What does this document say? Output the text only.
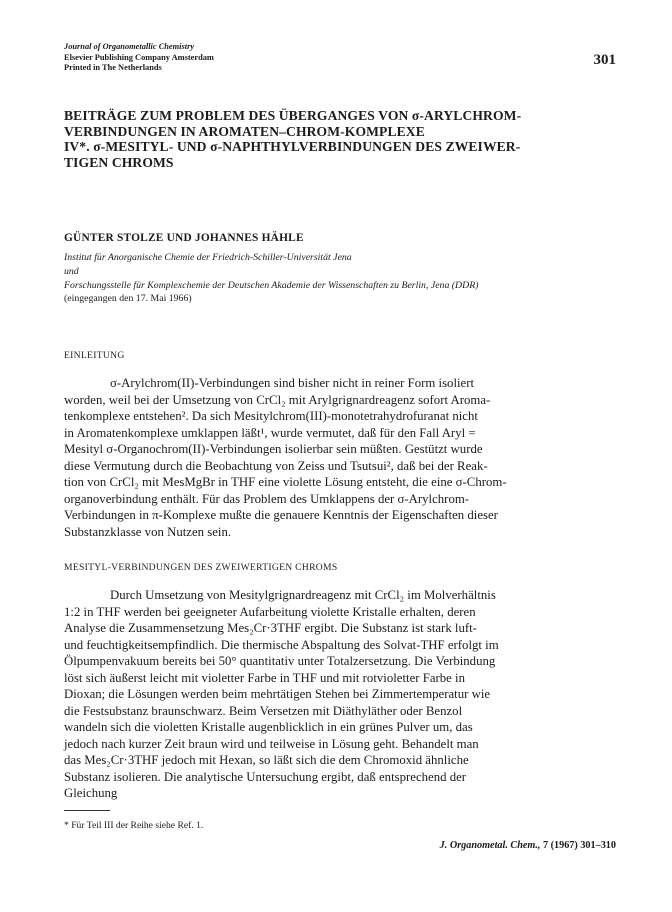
Journal of Organometallic Chemistry
Elsevier Publishing Company Amsterdam
Printed in The Netherlands	301
BEITRÄGE ZUM PROBLEM DES ÜBERGANGES VON σ-ARYLCHROM-
VERBINDUNGEN IN AROMATEN–CHROM-KOMPLEXE
IV*. σ-MESITYL- UND σ-NAPHTHYLVERBINDUNGEN DES ZWEIWER-
TIGEN CHROMS
GÜNTER STOLZE UND JOHANNES HÄHLE
Institut für Anorganische Chemie der Friedrich-Schiller-Universität Jena
und
Forschungsstelle für Komplexchemie der Deutschen Akademie der Wissenschaften zu Berlin, Jena (DDR)
(eingegangen den 17. Mai 1966)
EINLEITUNG
σ-Arylchrom(II)-Verbindungen sind bisher nicht in reiner Form isoliert
worden, weil bei der Umsetzung von CrCl₂ mit Arylgrignardreagenz sofort Aroma-
tenkomplexe entstehen². Da sich Mesitylchrom(III)-monotetrahydrofuranat nicht
in Aromatenkomplexe umklappen läßt¹, wurde vermutet, daß für den Fall Aryl =
Mesityl σ-Organochrom(II)-Verbindungen isolierbar sein müßten. Gestützt wurde
diese Vermutung durch die Beobachtung von Zeiss und Tsutsui², daß bei der Reak-
tion von CrCl₂ mit MesMgBr in THF eine violette Lösung entsteht, die eine σ-Chrom-
organoverbindung enthält. Für das Problem des Umklappens der σ-Arylchrom-
Verbindungen in π-Komplexe mußte die genauere Kenntnis der Eigenschaften dieser
Substanzklasse von Nutzen sein.
MESITYL-VERBINDUNGEN DES ZWEIWERTIGEN CHROMS
Durch Umsetzung von Mesitylgrignardreagenz mit CrCl₂ im Molverhältnis
1:2 in THF werden bei geeigneter Aufarbeitung violette Kristalle erhalten, deren
Analyse die Zusammensetzung Mes₂Cr·3THF ergibt. Die Substanz ist stark luft-
und feuchtigkeitsempfindlich. Die thermische Abspaltung des Solvat-THF erfolgt im
Ölpumpenvakuum bereits bei 50° quantitativ unter Totalzersetzung. Die Verbindung
löst sich äußerst leicht mit violetter Farbe in THF und mit rotvioletter Farbe in
Dioxan; die Lösungen werden beim mehrtätigen Stehen bei Zimmertemperatur wie
die Festsubstanz braunschwarz. Beim Versetzen mit Diäthyläther oder Benzol
wandeln sich die violetten Kristalle augenblicklich in ein grünes Pulver um, das
jedoch nach kurzer Zeit braun wird und teilweise in Lösung geht. Behandelt man
das Mes₂Cr·3THF jedoch mit Hexan, so läßt sich die dem Chromoxid ähnliche
Substanz isolieren. Die analytische Untersuchung ergibt, daß entsprechend der
Gleichung
* Für Teil III der Reihe siehe Ref. 1.
J. Organometal. Chem., 7 (1967) 301–310
